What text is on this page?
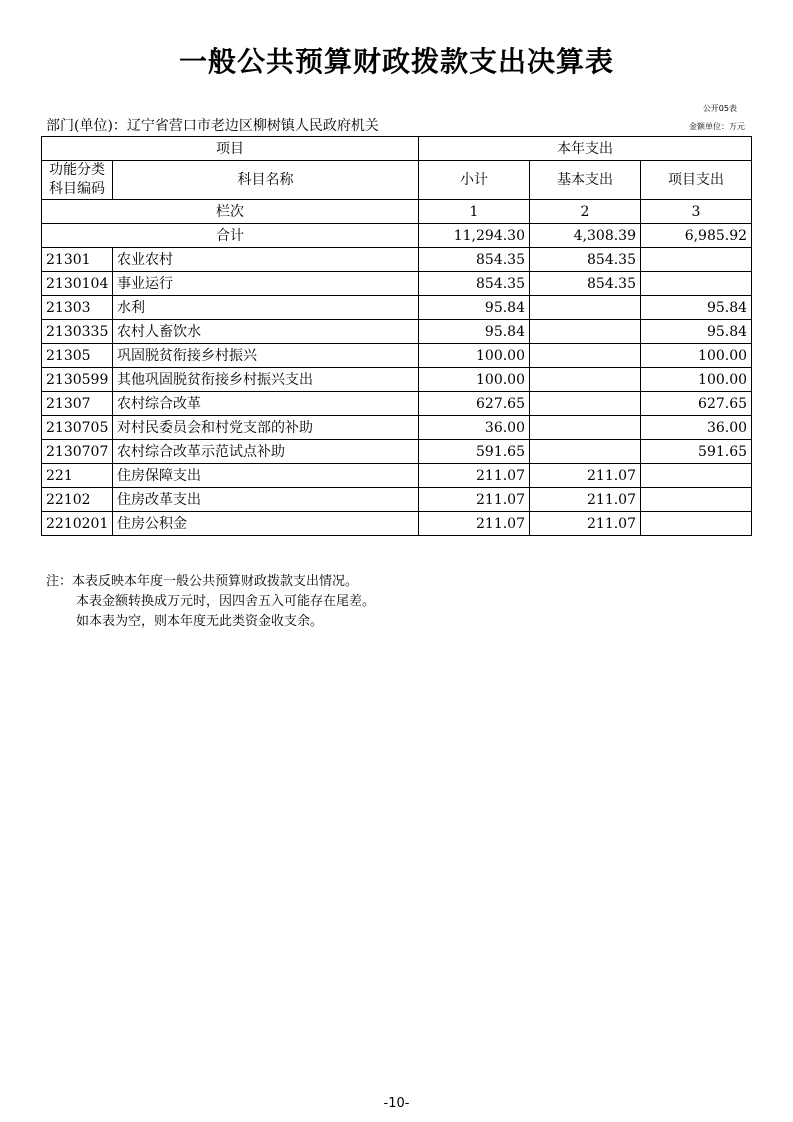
一般公共预算财政拨款支出决算表
公开05表
部门(单位)：辽宁省营口市老边区柳树镇人民政府机关	金额单位：万元
项目		本年支出		
功能分类科目编码	科目名称	小计	基本支出	项目支出
栏次		1	2	3
合计		11,294.30	4,308.39	6,985.92
21301	农业农村	854.35	854.35	
2130104	事业运行	854.35	854.35	
21303	水利	95.84		95.84
2130335	农村人畜饮水	95.84		95.84
21305	巩固脱贫衔接乡村振兴	100.00		100.00
2130599	其他巩固脱贫衔接乡村振兴支出	100.00		100.00
21307	农村综合改革	627.65		627.65
2130705	对村民委员会和村党支部的补助	36.00		36.00
2130707	农村综合改革示范试点补助	591.65		591.65
221	住房保障支出	211.07	211.07	
22102	住房改革支出	211.07	211.07	
2210201	住房公积金	211.07	211.07	
注：本表反映本年度一般公共预算财政拨款支出情况。
本表金额转换成万元时，因四舍五入可能存在尾差。
如本表为空，则本年度无此类资金收支余。
-10-
